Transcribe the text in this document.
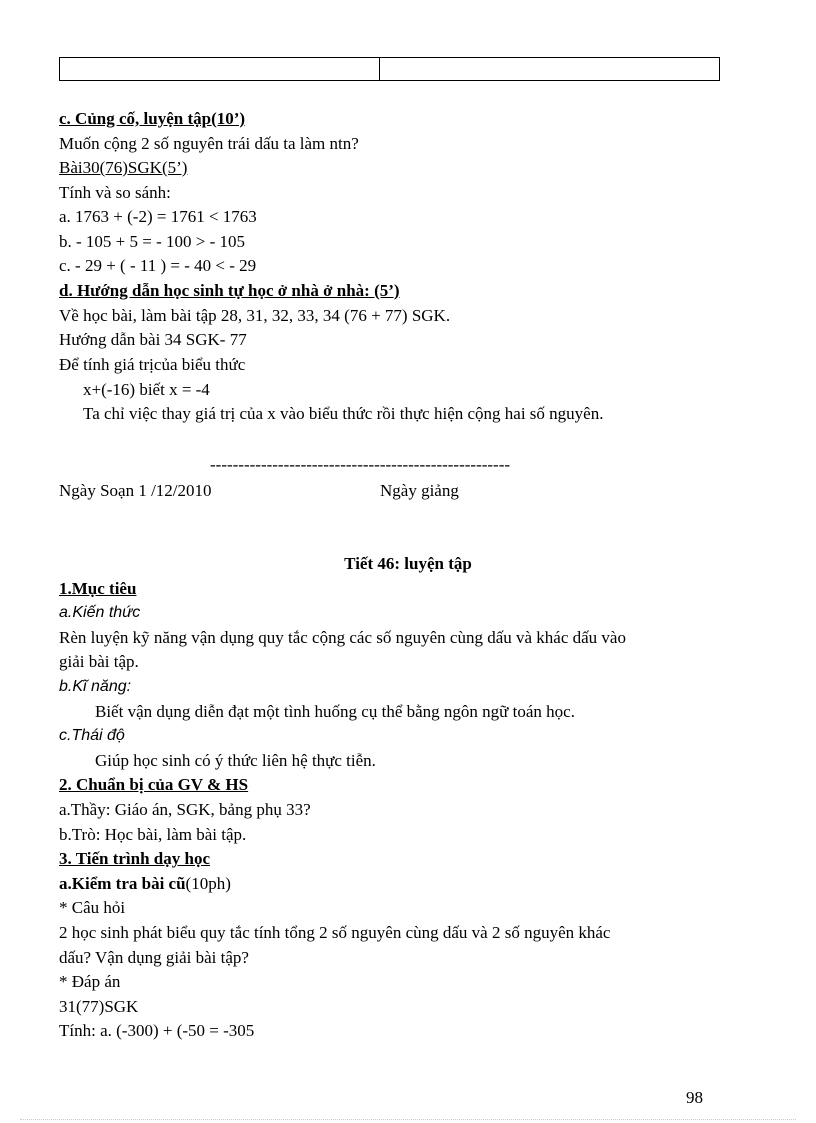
c. Củng cố, luyện tập(10’)
Muốn cộng 2 số nguyên trái dấu ta làm ntn?
Bài30(76)SGK(5’)
Tính và so sánh:
a. 1763 + (-2) = 1761 < 1763
b. - 105 + 5 = - 100 > - 105
c. - 29 + ( - 11 ) = - 40 < - 29
d. Hướng dẫn học sinh tự học ở nhà ở nhà: (5’)
Về học bài, làm bài tập 28, 31, 32, 33, 34 (76 + 77) SGK.
Hướng dẫn bài 34 SGK- 77
Để tính giá trịcủa biểu thức
x+(-16) biết x = -4
Ta chỉ việc thay giá trị của x vào biểu thức rồi thực hiện cộng hai số nguyên.
-----------------------------------------------------
Ngày Soạn 1 /12/2010	Ngày giảng
Tiết 46: luyện tập
1.Mục tiêu
a.Kiến thức
Rèn luyện kỹ năng vận dụng quy tắc cộng các số nguyên cùng dấu và khác dấu vào
giải bài tập.
b.Kĩ năng:
Biết vận dụng diễn đạt một tình huống cụ thể bằng ngôn ngữ toán học.
c.Thái độ
Giúp học sinh có ý thức liên hệ thực tiễn.
2. Chuẩn bị của GV & HS
a.Thầy: Giáo án, SGK, bảng phụ 33?
b.Trò: Học bài, làm bài tập.
3. Tiến trình dạy học
a.Kiểm tra bài cũ(10ph)
* Câu hỏi
2 học sinh phát biểu quy tắc tính tổng 2 số nguyên cùng dấu và 2 số nguyên khác
dấu? Vận dụng giải bài tập?
* Đáp án
31(77)SGK
Tính: a. (-300) + (-50 = -305
98
